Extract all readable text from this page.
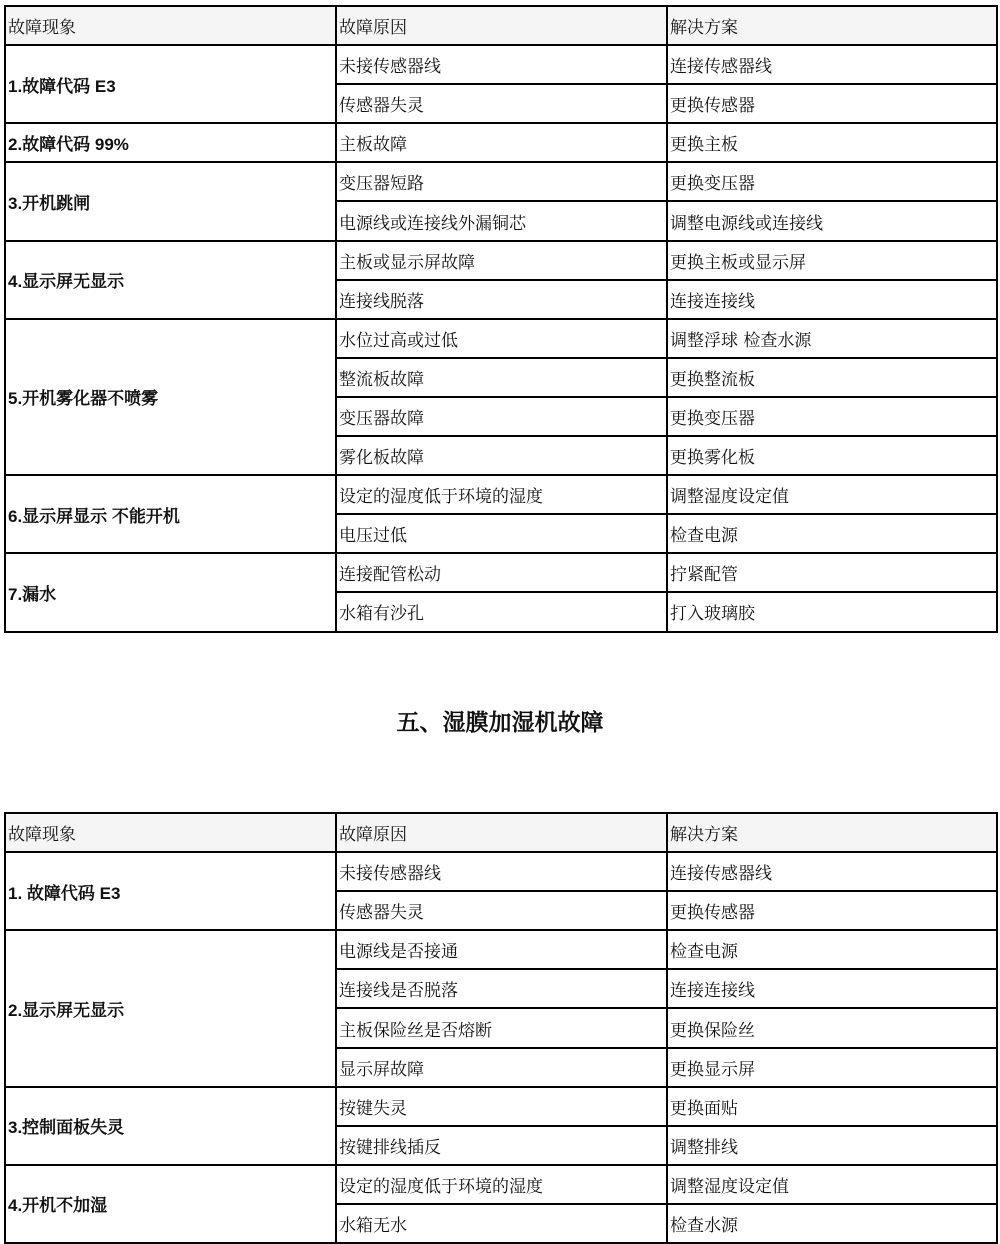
故障现象	故障原因	解决方案
1.故障代码 E3	未接传感器线	连接传感器线
	传感器失灵	更换传感器
2.故障代码 99%	主板故障	更换主板
3.开机跳闸	变压器短路	更换变压器
	电源线或连接线外漏铜芯	调整电源线或连接线
4.显示屏无显示	主板或显示屏故障	更换主板或显示屏
	连接线脱落	连接连接线
5.开机雾化器不喷雾	水位过高或过低	调整浮球 检查水源
	整流板故障	更换整流板
	变压器故障	更换变压器
	雾化板故障	更换雾化板
6.显示屏显示 不能开机	设定的湿度低于环境的湿度	调整湿度设定值
	电压过低	检查电源
7.漏水	连接配管松动	拧紧配管
	水箱有沙孔	打入玻璃胶
五、湿膜加湿机故障
故障现象	故障原因	解决方案
1. 故障代码 E3	未接传感器线	连接传感器线
	传感器失灵	更换传感器
2.显示屏无显示	电源线是否接通	检查电源
	连接线是否脱落	连接连接线
	主板保险丝是否熔断	更换保险丝
	显示屏故障	更换显示屏
3.控制面板失灵	按键失灵	更换面贴
	按键排线插反	调整排线
4.开机不加湿	设定的湿度低于环境的湿度	调整湿度设定值
	水箱无水	检查水源
